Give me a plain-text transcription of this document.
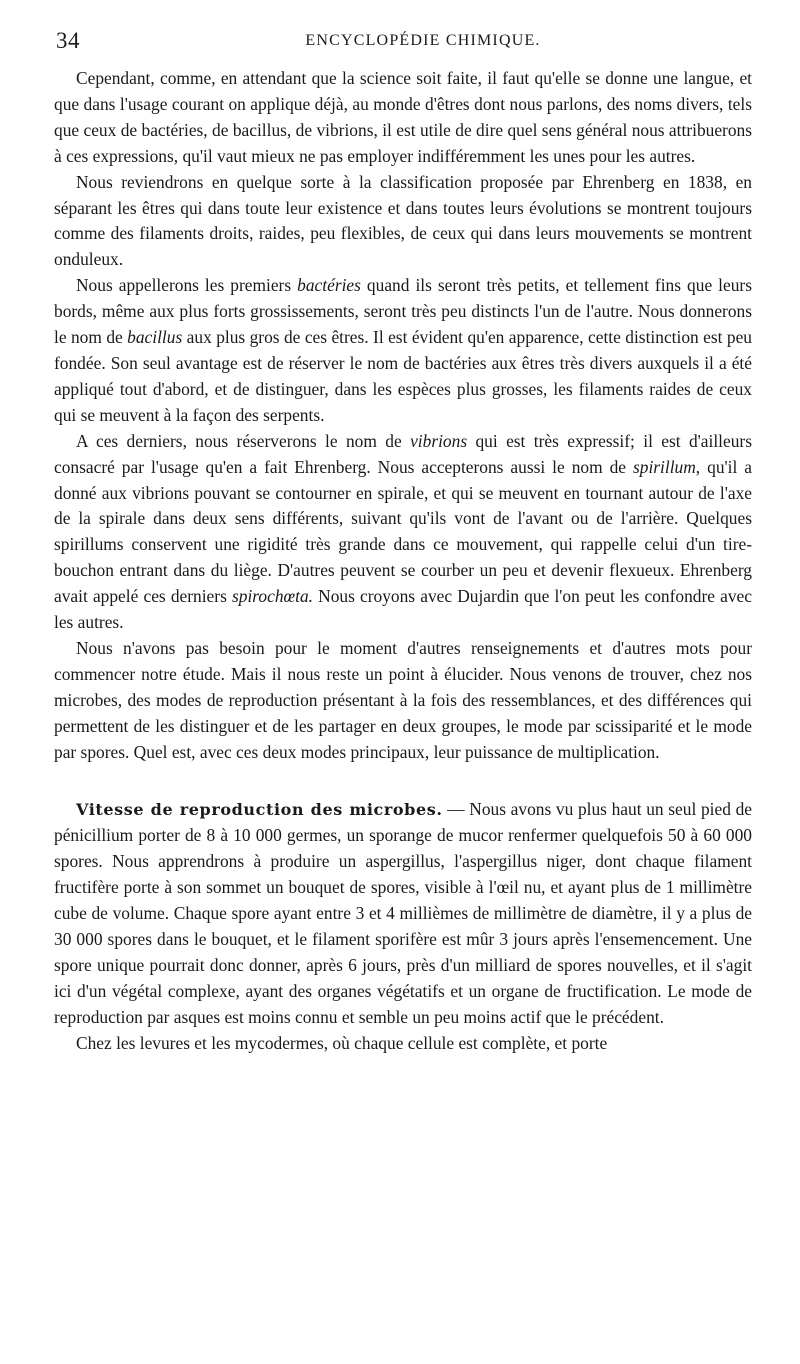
34	ENCYCLOPÉDIE CHIMIQUE.

Cependant, comme, en attendant que la science soit faite, il faut qu'elle se donne une langue, et que dans l'usage courant on applique déjà, au monde d'êtres dont nous parlons, des noms divers, tels que ceux de bactéries, de bacillus, de vibrions, il est utile de dire quel sens général nous attribuerons à ces expressions, qu'il vaut mieux ne pas employer indifféremment les unes pour les autres.

Nous reviendrons en quelque sorte à la classification proposée par Ehrenberg en 1838, en séparant les êtres qui dans toute leur existence et dans toutes leurs évolutions se montrent toujours comme des filaments droits, raides, peu flexibles, de ceux qui dans leurs mouvements se montrent onduleux.

Nous appellerons les premiers bactéries quand ils seront très petits, et tellement fins que leurs bords, même aux plus forts grossissements, seront très peu distincts l'un de l'autre. Nous donnerons le nom de bacillus aux plus gros de ces êtres. Il est évident qu'en apparence, cette distinction est peu fondée. Son seul avantage est de réserver le nom de bactéries aux êtres très divers auxquels il a été appliqué tout d'abord, et de distinguer, dans les espèces plus grosses, les filaments raides de ceux qui se meuvent à la façon des serpents.

A ces derniers, nous réserverons le nom de vibrions qui est très expressif; il est d'ailleurs consacré par l'usage qu'en a fait Ehrenberg. Nous accepterons aussi le nom de spirillum, qu'il a donné aux vibrions pouvant se contourner en spirale, et qui se meuvent en tournant autour de l'axe de la spirale dans deux sens différents, suivant qu'ils vont de l'avant ou de l'arrière. Quelques spirillums conservent une rigidité très grande dans ce mouvement, qui rappelle celui d'un tire-bouchon entrant dans du liège. D'autres peuvent se courber un peu et devenir flexueux. Ehrenberg avait appelé ces derniers spirochœta. Nous croyons avec Dujardin que l'on peut les confondre avec les autres.

Nous n'avons pas besoin pour le moment d'autres renseignements et d'autres mots pour commencer notre étude. Mais il nous reste un point à élucider. Nous venons de trouver, chez nos microbes, des modes de reproduction présentant à la fois des ressemblances, et des différences qui permettent de les distinguer et de les partager en deux groupes, le mode par scissiparité et le mode par spores. Quel est, avec ces deux modes principaux, leur puissance de multiplication.

Vitesse de reproduction des microbes. — Nous avons vu plus haut un seul pied de pénicillium porter de 8 à 10 000 germes, un sporange de mucor renfermer quelquefois 50 à 60 000 spores. Nous apprendrons à produire un aspergillus, l'aspergillus niger, dont chaque filament fructifère porte à son sommet un bouquet de spores, visible à l'œil nu, et ayant plus de 1 millimètre cube de volume. Chaque spore ayant entre 3 et 4 millièmes de millimètre de diamètre, il y a plus de 30 000 spores dans le bouquet, et le filament sporifère est mûr 3 jours après l'ensemencement. Une spore unique pourrait donc donner, après 6 jours, près d'un milliard de spores nouvelles, et il s'agit ici d'un végétal complexe, ayant des organes végétatifs et un organe de fructification. Le mode de reproduction par asques est moins connu et semble un peu moins actif que le précédent.

Chez les levures et les mycodermes, où chaque cellule est complète, et porte
